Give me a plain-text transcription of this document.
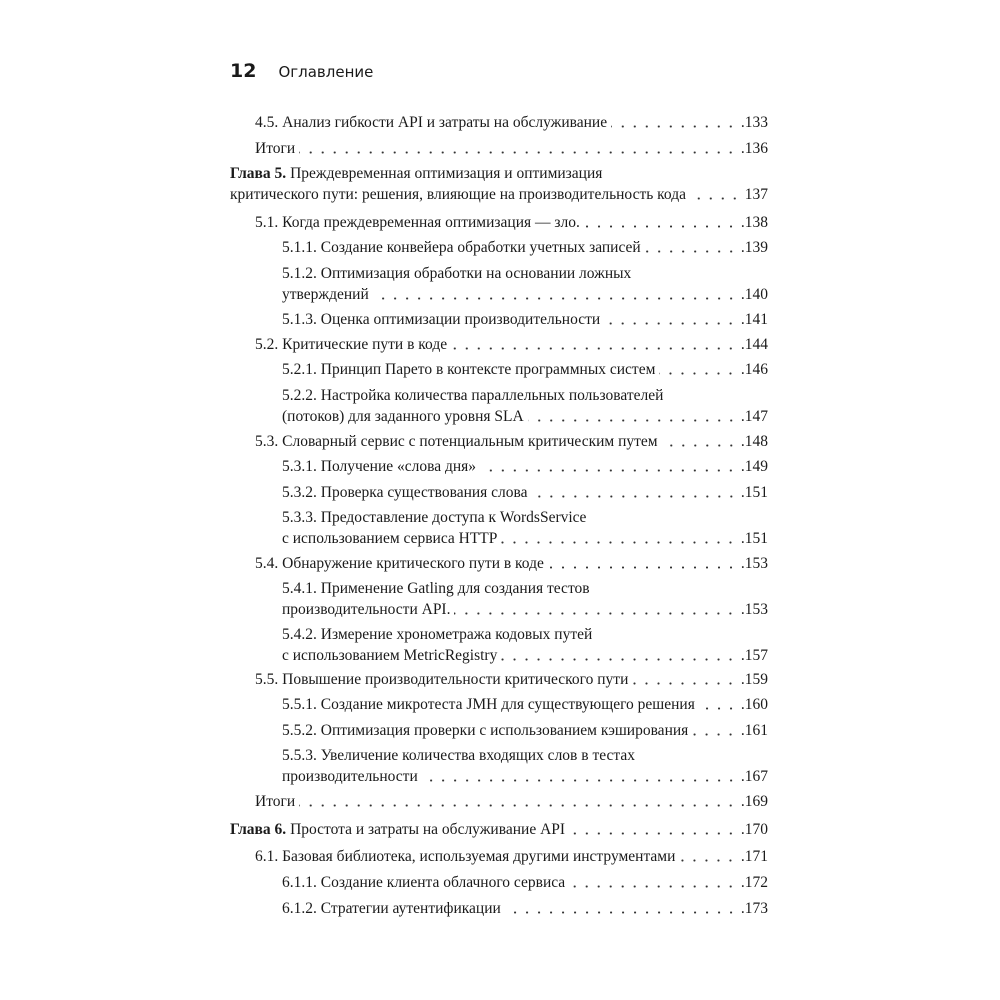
12 Оглавление
4.5. Анализ гибкости API и затраты на обслуживание	.133
Итоги	.136
Глава 5. Преждевременная оптимизация и оптимизация
критического пути: решения, влияющие на производительность кода	137
5.1. Когда преждевременная оптимизация — зло.	.138
5.1.1. Создание конвейера обработки учетных записей	.139
5.1.2. Оптимизация обработки на основании ложных
утверждений	.140
5.1.3. Оценка оптимизации производительности	.141
5.2. Критические пути в коде	.144
5.2.1. Принцип Парето в контексте программных систем	.146
5.2.2. Настройка количества параллельных пользователей
(потоков) для заданного уровня SLA	.147
5.3. Словарный сервис с потенциальным критическим путем	.148
5.3.1. Получение «слова дня»	.149
5.3.2. Проверка существования слова	.151
5.3.3. Предоставление доступа к WordsService
с использованием сервиса HTTP	.151
5.4. Обнаружение критического пути в коде	.153
5.4.1. Применение Gatling для создания тестов
производительности API.	.153
5.4.2. Измерение хронометража кодовых путей
с использованием MetricRegistry	.157
5.5. Повышение производительности критического пути	.159
5.5.1. Создание микротеста JMH для существующего решения	.160
5.5.2. Оптимизация проверки с использованием кэширования	.161
5.5.3. Увеличение количества входящих слов в тестах
производительности	.167
Итоги	.169
Глава 6. Простота и затраты на обслуживание API	.170
6.1. Базовая библиотека, используемая другими инструментами	.171
6.1.1. Создание клиента облачного сервиса	.172
6.1.2. Стратегии аутентификации	.173
